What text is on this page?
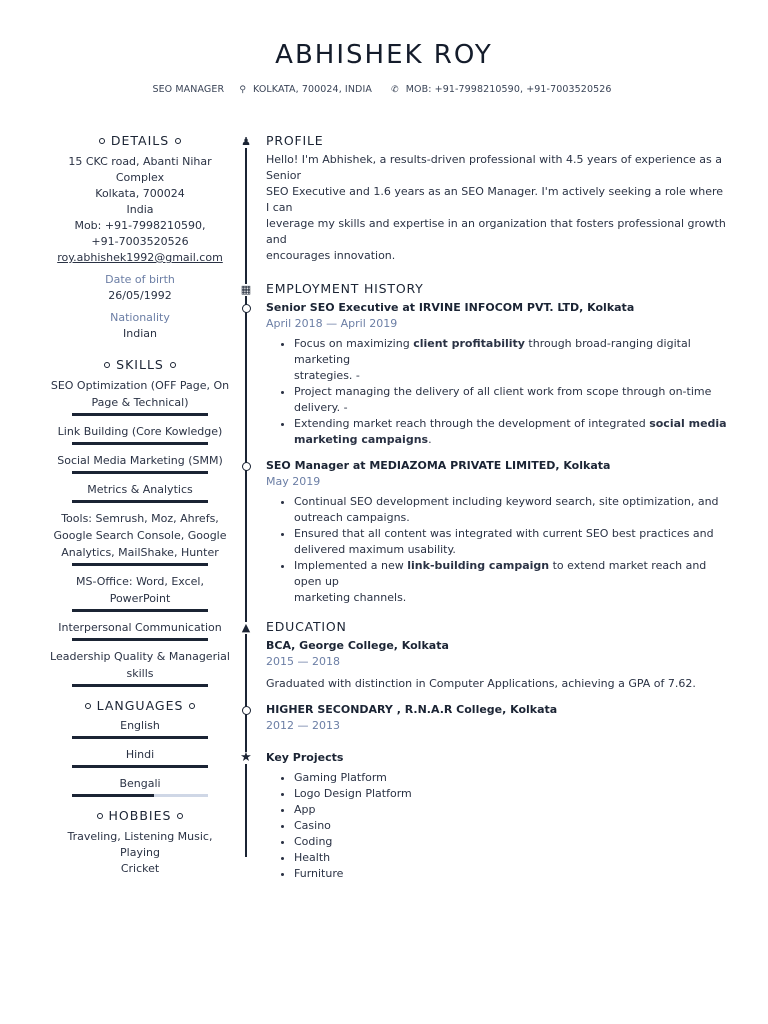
ABHISHEK ROY
SEO MANAGER ⚲ KOLKATA, 700024, INDIA ✆ MOB: +91-7998210590, +91-7003520526
DETAILS
15 CKC road, Abanti Nihar
Complex
Kolkata, 700024
India
Mob: +91-7998210590,
+91-7003520526
roy.abhishek1992@gmail.com
Date of birth
26/05/1992
Nationality
Indian
SKILLS
SEO Optimization (OFF Page, On
Page & Technical)
Link Building (Core Kowledge)
Social Media Marketing (SMM)
Metrics & Analytics
Tools: Semrush, Moz, Ahrefs,
Google Search Console, Google
Analytics, MailShake, Hunter
MS-Office: Word, Excel,
PowerPoint
Interpersonal Communication
Leadership Quality & Managerial
skills
LANGUAGES
English
Hindi
Bengali
HOBBIES
Traveling, Listening Music, Playing
Cricket
♟ PROFILE

Hello! I'm Abhishek, a results-driven professional with 4.5 years of experience as a Senior

SEO Executive and 1.6 years as an SEO Manager. I'm actively seeking a role where I can

leverage my skills and expertise in an organization that fosters professional growth and

encourages innovation.

▦ EMPLOYMENT HISTORY
Senior SEO Executive at IRVINE INFOCOM PVT. LTD, Kolkata
April 2018 — April 2019
• Focus on maximizing client profitability through broad-ranging digital marketing
strategies. -
• Project managing the delivery of all client work from scope through on-time
delivery. -
• Extending market reach through the development of integrated social media
marketing campaigns.
SEO Manager at MEDIAZOMA PRIVATE LIMITED, Kolkata
May 2019
• Continual SEO development including keyword search, site optimization, and
outreach campaigns.
• Ensured that all content was integrated with current SEO best practices and
delivered maximum usability.
• Implemented a new link-building campaign to extend market reach and open up
marketing channels.
▲ EDUCATION
BCA, George College, Kolkata
2015 — 2018

Graduated with distinction in Computer Applications, achieving a GPA of 7.62.

HIGHER SECONDARY , R.N.A.R College, Kolkata
2012 — 2013
★ Key Projects
• Gaming Platform
• Logo Design Platform
• App
• Casino
• Coding
• Health
• Furniture
